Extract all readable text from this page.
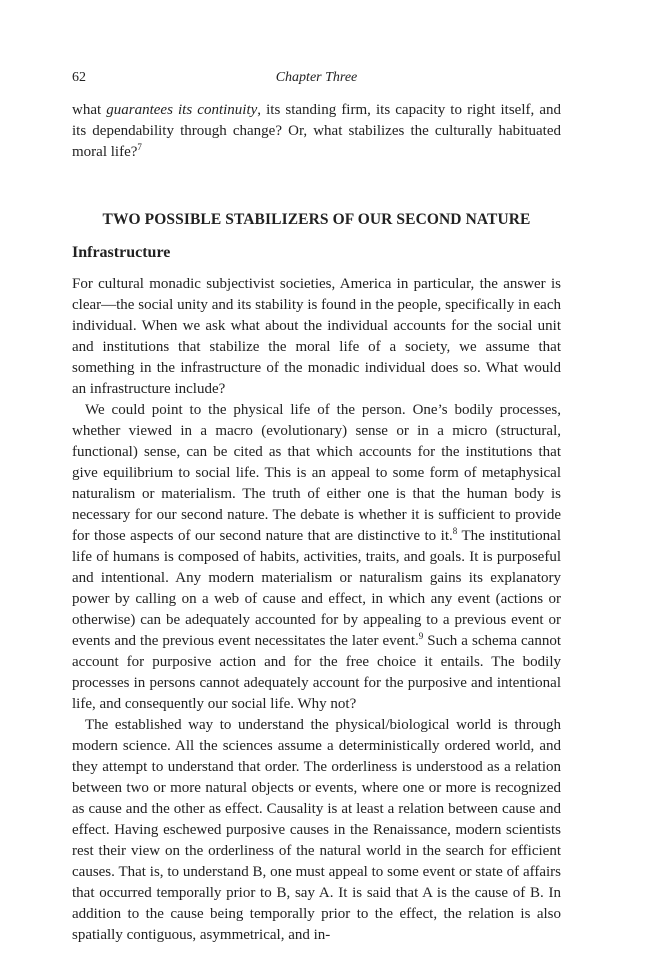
62	Chapter Three

what guarantees its continuity, its standing firm, its capacity to right itself, and its dependability through change? Or, what stabilizes the culturally habituated moral life?$^7$

TWO POSSIBLE STABILIZERS OF OUR SECOND NATURE
Infrastructure

For cultural monadic subjectivist societies, America in particular, the answer is clear—the social unity and its stability is found in the people, specifically in each individual. When we ask what about the individual accounts for the social unit and institutions that stabilize the moral life of a society, we assume that something in the infrastructure of the monadic individual does so. What would an infrastructure include?

We could point to the physical life of the person. One’s bodily processes, whether viewed in a macro (evolutionary) sense or in a micro (structural, functional) sense, can be cited as that which accounts for the institutions that give equilibrium to social life. This is an appeal to some form of metaphysical naturalism or materialism. The truth of either one is that the human body is necessary for our second nature. The debate is whether it is sufficient to provide for those aspects of our second nature that are distinctive to it.$^8$ The institutional life of humans is composed of habits, activities, traits, and goals. It is purposeful and intentional. Any modern materialism or naturalism gains its explanatory power by calling on a web of cause and effect, in which any event (actions or otherwise) can be adequately accounted for by appealing to a previous event or events and the previous event necessitates the later event.$^9$ Such a schema cannot account for purposive action and for the free choice it entails. The bodily processes in persons cannot adequately account for the purposive and intentional life, and consequently our social life. Why not?

The established way to understand the physical/biological world is through modern science. All the sciences assume a deterministically ordered world, and they attempt to understand that order. The orderliness is understood as a relation between two or more natural objects or events, where one or more is recognized as cause and the other as effect. Causality is at least a relation between cause and effect. Having eschewed purposive causes in the Renaissance, modern scientists rest their view on the orderliness of the natural world in the search for efficient causes. That is, to understand B, one must appeal to some event or state of affairs that occurred temporally prior to B, say A. It is said that A is the cause of B. In addition to the cause being temporally prior to the effect, the relation is also spatially contiguous, asymmetrical, and in-
